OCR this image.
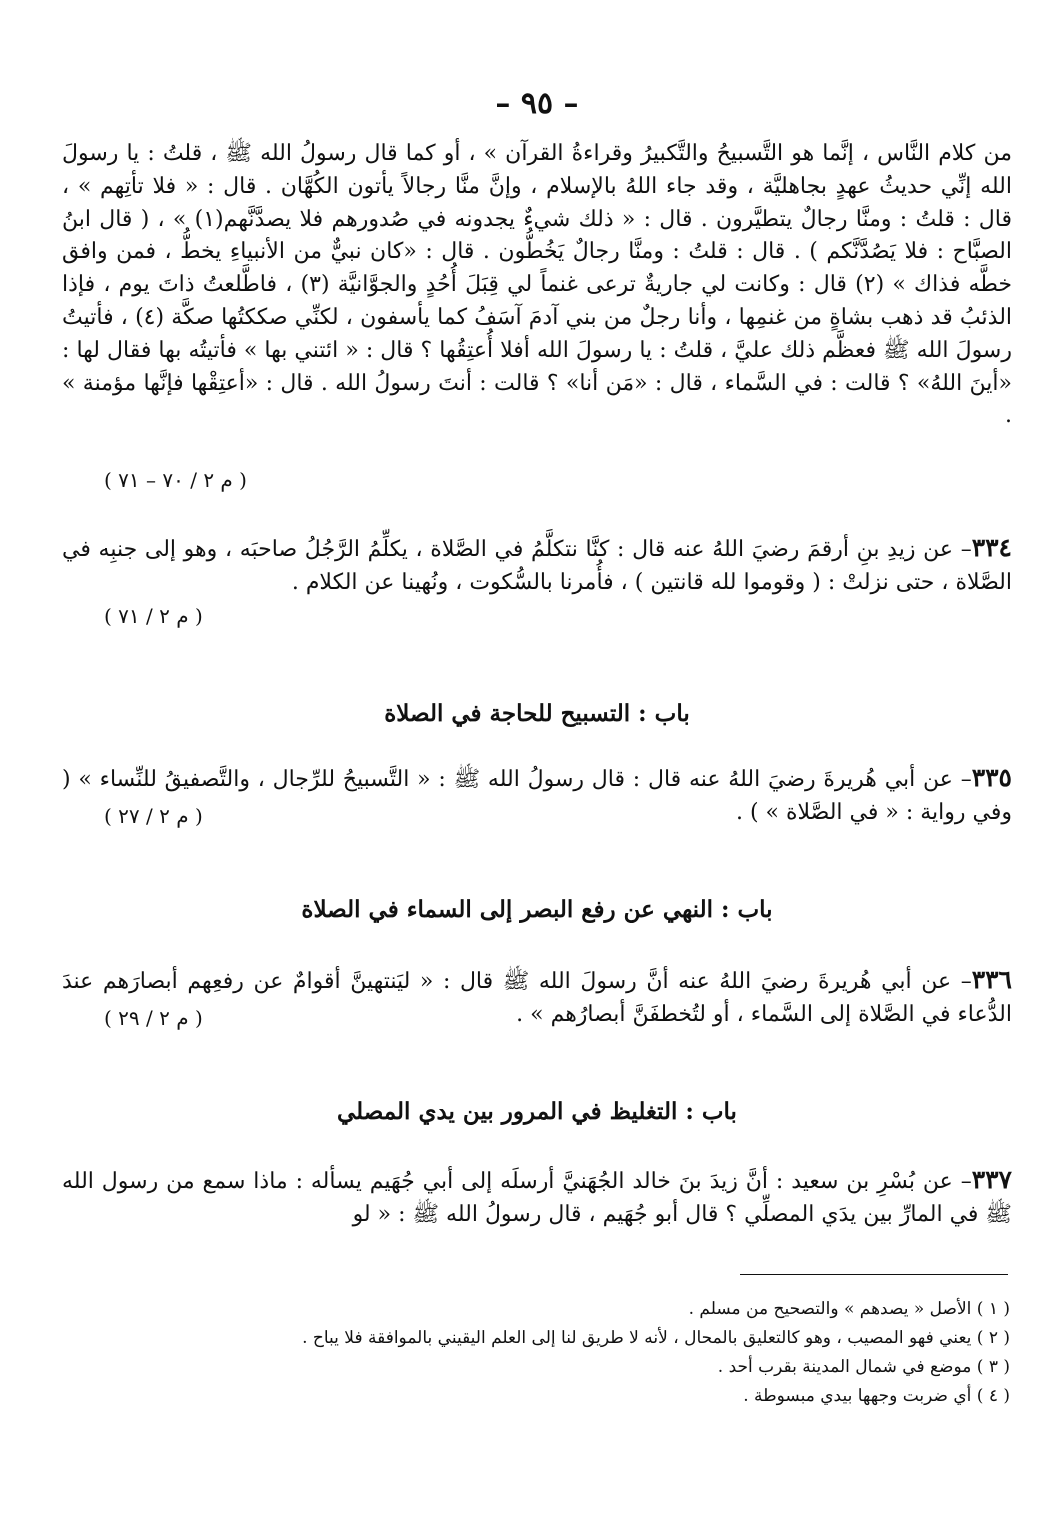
– ٩٥ –
من كلام النَّاس ، إنَّما هو التَّسبيحُ والتَّكبيرُ وقراءةُ القرآن » ، أو كما قال رسولُ الله ﷺ ، قلتُ : يا رسولَ الله إنِّي حديثُ عهدٍ بجاهليَّة ، وقد جاء اللهُ بالإسلام ، وإنَّ منَّا رجالاً يأتون الكُهَّان . قال : « فلا تأتِهم » ، قال : قلتُ : ومنَّا رجالٌ يتطيَّرون . قال : « ذلك شيءٌ يجدونه في صُدورهم فلا يصدَّنَّهم(١) » ، ( قال ابنُ الصبَّاح : فلا يَصُدَّنَّكم ) . قال : قلتُ : ومنَّا رجالٌ يَخُطُّون . قال : «كان نبيٌّ من الأنبياءِ يخطُّ ، فمن وافق خطَّه فذاك » (٢) قال : وكانت لي جاريةٌ ترعى غنماً لي قِبَلَ أُحُدٍ والجوَّانيَّة (٣) ، فاطَّلعتُ ذاتَ يوم ، فإذا الذئبُ قد ذهب بشاةٍ من غنمِها ، وأنا رجلٌ من بني آدمَ آسَفُ كما يأسفون ، لكنِّي صككتُها صكَّة (٤) ، فأتيتُ رسولَ الله ﷺ فعظَّم ذلك عليَّ ، قلتُ : يا رسولَ الله أفلا أُعتِقُها ؟ قال : « ائتني بها » فأتيتُه بها فقال لها : «أينَ اللهُ» ؟ قالت : في السَّماء ، قال : «مَن أنا» ؟ قالت : أنتَ رسولُ الله . قال : «أعتِقْها فإنَّها مؤمنة » .
( م ٢ / ٧٠ – ٧١ )
٣٣٤– عن زيدِ بنِ أرقمَ رضيَ اللهُ عنه قال : كنَّا نتكلَّمُ في الصَّلاة ، يكلِّمُ الرَّجُلُ صاحبَه ، وهو إلى جنبِه في الصَّلاة ، حتى نزلتْ : ( وقوموا لله قانتين ) ، فأُمرنا بالسُّكوت ، ونُهينا عن الكلام .
( م ٢ / ٧١ )
باب : التسبيح للحاجة في الصلاة
٣٣٥– عن أبي هُريرةَ رضيَ اللهُ عنه قال : قال رسولُ الله ﷺ : « التَّسبيحُ للرِّجال ، والتَّصفيقُ للنِّساء » ( وفي رواية : « في الصَّلاة » ) .
( م ٢ / ٢٧ )
باب : النهي عن رفع البصر إلى السماء في الصلاة
٣٣٦– عن أبي هُريرةَ رضيَ اللهُ عنه أنَّ رسولَ الله ﷺ قال : « ليَنتهينَّ أقوامٌ عن رفعِهم أبصارَهم عندَ الدُّعاء في الصَّلاة إلى السَّماء ، أو لتُخطفَنَّ أبصارُهم » .
( م ٢ / ٢٩ )
باب : التغليظ في المرور بين يدي المصلي
٣٣٧– عن بُسْرِ بن سعيد : أنَّ زيدَ بنَ خالد الجُهَنيَّ أرسلَه إلى أبي جُهَيم يسأله : ماذا سمع من رسول الله ﷺ في المارِّ بين يدَي المصلِّي ؟ قال أبو جُهَيم ، قال رسولُ الله ﷺ : « لو
( ١ ) الأصل « يصدهم » والتصحيح من مسلم .
( ٢ ) يعني فهو المصيب ، وهو كالتعليق بالمحال ، لأنه لا طريق لنا إلى العلم اليقيني بالموافقة فلا يباح .
( ٣ ) موضع في شمال المدينة بقرب أحد .
( ٤ ) أي ضربت وجهها بيدي مبسوطة .
